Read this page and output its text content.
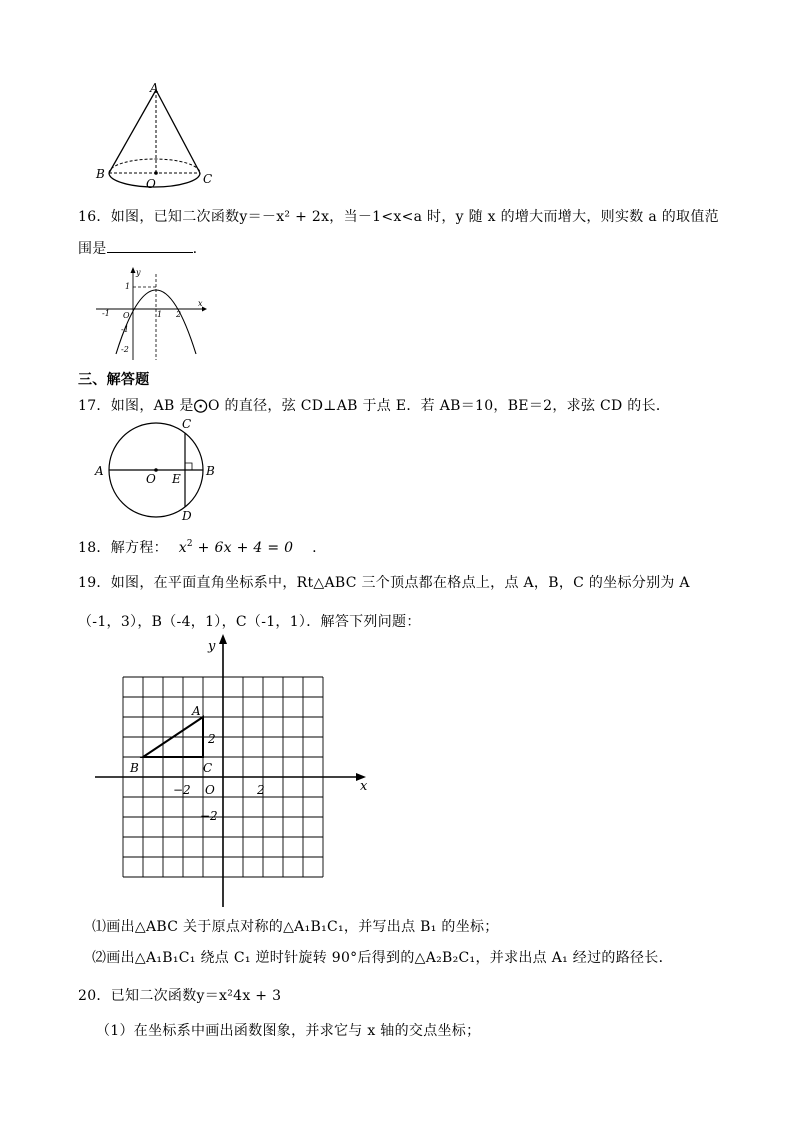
A
B	C
O
16．如图，已知二次函数y＝－x² + 2x，当－1<x<a 时，y 随 x 的增大而增大，则实数 a 的取值范
围是	.
y
x
O
-1	1 2
1
-1
-2
三、解答题
17．如图，AB 是⨀O 的直径，弦 CD⊥AB 于点 E．若 AB＝10，BE＝2，求弦 CD 的长．
A	B
C
D
O E
18．解方程： $x^2 + 6x + 4 = 0$ .
19．如图，在平面直角坐标系中，Rt△ABC 三个顶点都在格点上，点 A，B，C 的坐标分别为 A
（-1，3），B（-4，1），C（-1，1）．解答下列问题：
y
x
A
B	C
O
2
−2	2
−2
⑴画出△ABC 关于原点对称的△A₁B₁C₁，并写出点 B₁ 的坐标；
⑵画出△A₁B₁C₁ 绕点 C₁ 逆时针旋转 90°后得到的△A₂B₂C₁，并求出点 A₁ 经过的路径长．
20．已知二次函数y＝x²4x + 3
（1）在坐标系中画出函数图象，并求它与 x 轴的交点坐标；
